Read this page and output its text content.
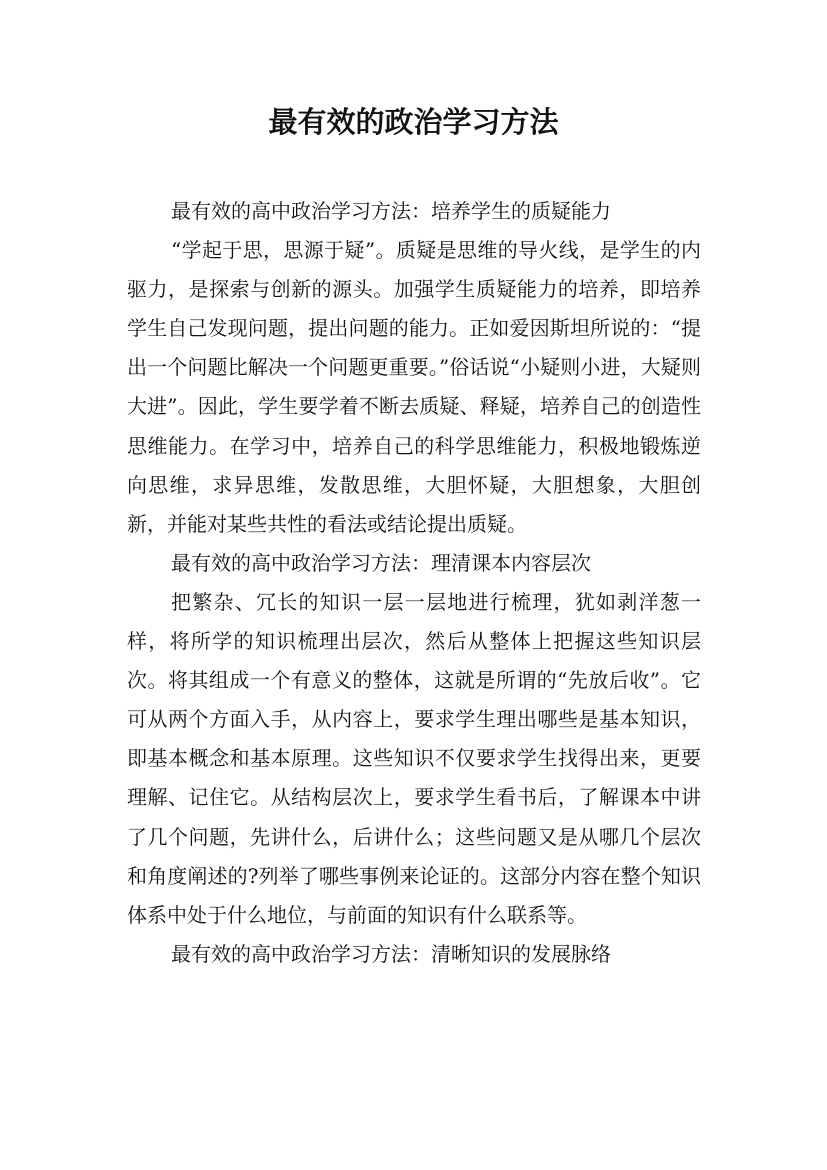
最有效的政治学习方法

最有效的高中政治学习方法：培养学生的质疑能力

“学起于思，思源于疑”。质疑是思维的导火线，是学生的内驱力，是探索与创新的源头。加强学生质疑能力的培养，即培养学生自己发现问题，提出问题的能力。正如爱因斯坦所说的：“提出一个问题比解决一个问题更重要。”俗话说“小疑则小进，大疑则大进”。因此，学生要学着不断去质疑、释疑，培养自己的创造性思维能力。在学习中，培养自己的科学思维能力，积极地锻炼逆向思维，求异思维，发散思维，大胆怀疑，大胆想象，大胆创新，并能对某些共性的看法或结论提出质疑。

最有效的高中政治学习方法：理清课本内容层次

把繁杂、冗长的知识一层一层地进行梳理，犹如剥洋葱一样，将所学的知识梳理出层次，然后从整体上把握这些知识层次。将其组成一个有意义的整体，这就是所谓的“先放后收”。它可从两个方面入手，从内容上，要求学生理出哪些是基本知识，即基本概念和基本原理。这些知识不仅要求学生找得出来，更要理解、记住它。从结构层次上，要求学生看书后，了解课本中讲了几个问题，先讲什么，后讲什么；这些问题又是从哪几个层次和角度阐述的?列举了哪些事例来论证的。这部分内容在整个知识体系中处于什么地位，与前面的知识有什么联系等。

最有效的高中政治学习方法：清晰知识的发展脉络
